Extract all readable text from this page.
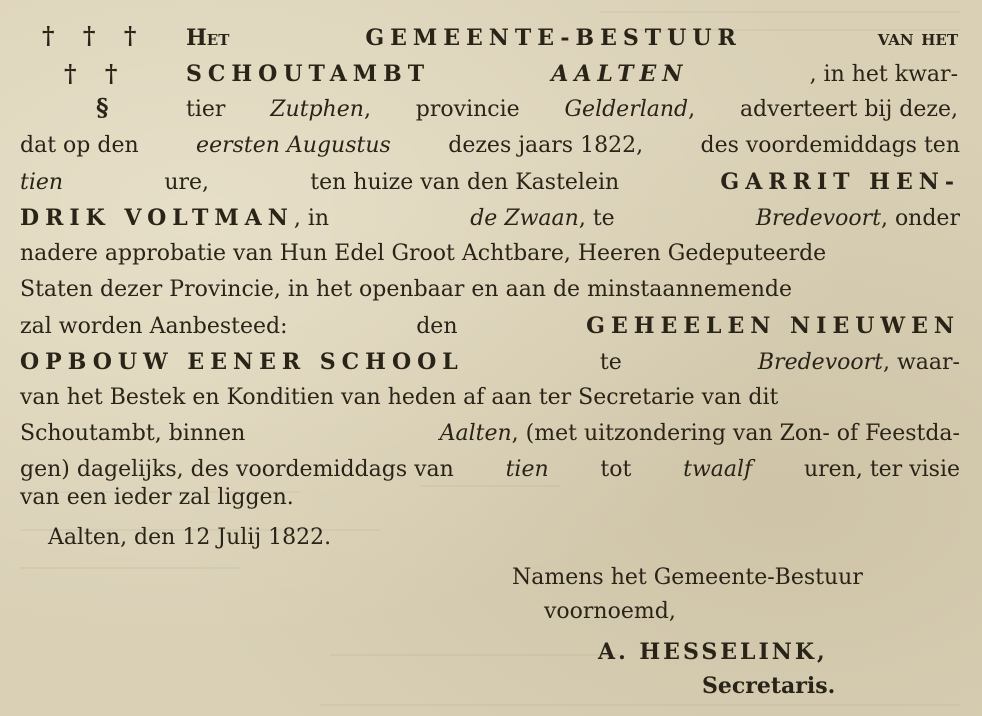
† † †
† †
§
Het	GEMEENTE-BESTUUR	van het
SCHOUTAMBT	AALTEN	, in het kwar-
tier Zutphen, provincie Gelderland, adverteert bij deze,
dat op den	eersten Augustus	dezes jaars 1822,	des voordemiddags ten
tien	ure,	ten huize van den Kastelein	GARRIT HEN-
DRIK VOLTMAN, in	de Zwaan, te	Bredevoort, onder
nadere approbatie van Hun Edel Groot Achtbare, Heeren Gedeputeerde
Staten dezer Provincie, in het openbaar en aan de minstaannemende
zal worden Aanbesteed:	den	GEHEELEN NIEUWEN
OPBOUW EENER SCHOOL	te	Bredevoort, waar-
van het Bestek en Konditien van heden af aan ter Secretarie van dit
Schoutambt, binnen	Aalten, (met uitzondering van Zon- of Feestda-
gen) dagelijks, des voordemiddags van tien tot twaalf uren, ter visie
van een ieder zal liggen.
Aalten, den 12 Julij 1822.
Namens het Gemeente-Bestuur
voornoemd,
A. HESSELINK,
Secretaris.
